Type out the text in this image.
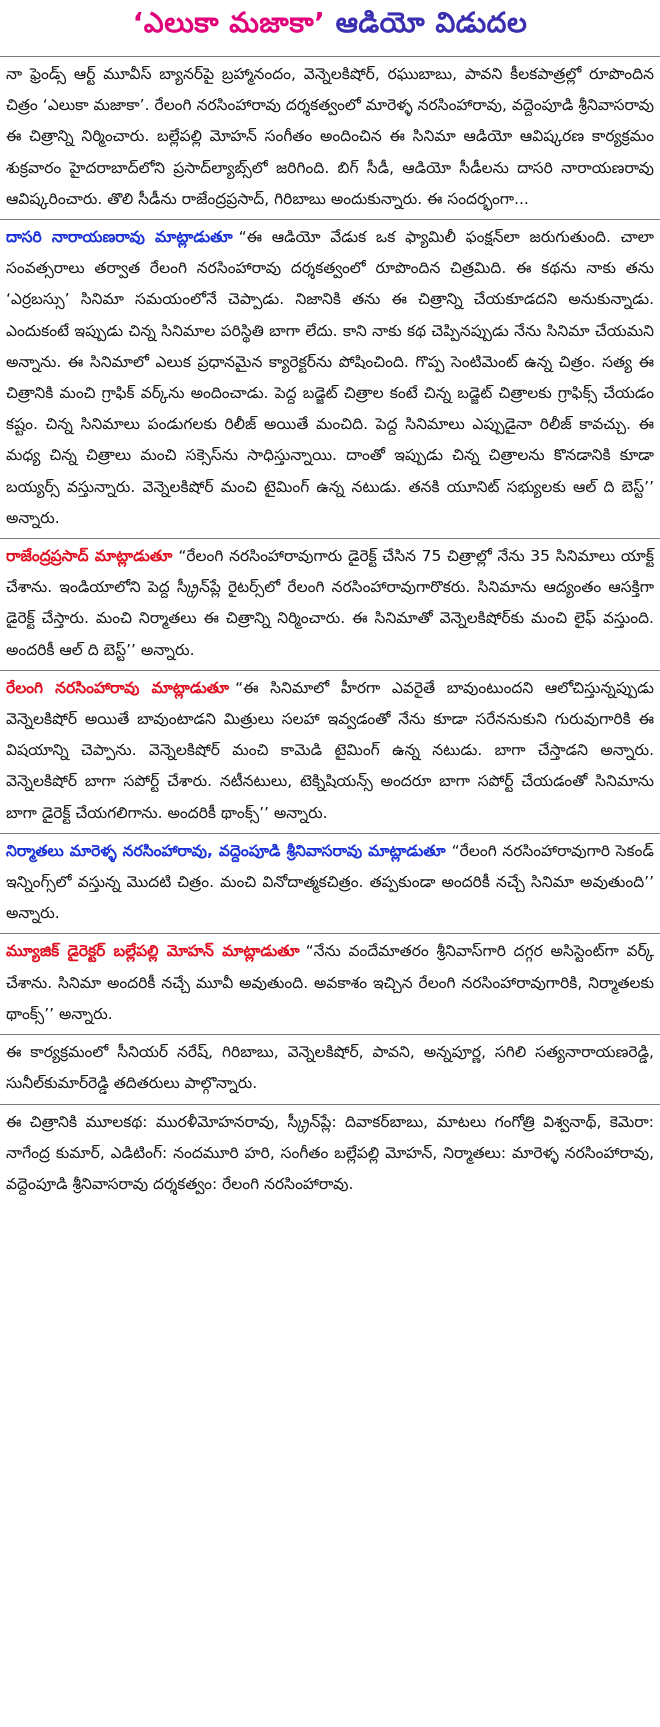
‘ఎలుకా మజాకా’ ఆడియో విడుదల
నా ఫ్రెండ్స్ ఆర్ట్ మూవీస్ బ్యానర్‌పై బ్రహ్మానందం, వెన్నెలకిషోర్, రఘుబాబు, పావని కీలకపాత్రల్లో రూపొందిన చిత్రం ‘ఎలుకా మజాకా’. రేలంగి నరసింహారావు దర్శకత్వంలో మారెళ్ళ నరసింహారావు, వద్దెంపూడి శ్రీనివాసరావు ఈ చిత్రాన్ని నిర్మించారు. బల్లేపల్లి మోహన్ సంగీతం అందించిన ఈ సినిమా ఆడియో ఆవిష్కరణ కార్యక్రమం శుక్రవారం హైదరాబాద్‌లోని ప్రసాద్‌ల్యాబ్స్‌లో జరిగింది. బిగ్ సీడీ, ఆడియో సీడీలను దాసరి నారాయణరావు ఆవిష్కరించారు. తొలి సీడీను రాజేంద్రప్రసాద్, గిరిబాబు అందుకున్నారు. ఈ సందర్భంగా...
దాసరి నారాయణరావు మాట్లాడుతూ “ఈ ఆడియో వేడుక ఒక ఫ్యామిలీ ఫంక్షన్‌లా జరుగుతుంది. చాలా సంవత్సరాలు తర్వాత రేలంగి నరసింహారావు దర్శకత్వంలో రూపొందిన చిత్రమిది. ఈ కథను నాకు తను ‘ఎర్రబస్సు’ సినిమా సమయంలోనే చెప్పాడు. నిజానికి తను ఈ చిత్రాన్ని చేయకూడదని అనుకున్నాడు. ఎందుకంటే ఇప్పుడు చిన్న సినిమాల పరిస్థితి బాగా లేదు. కాని నాకు కథ చెప్పినప్పుడు నేను సినిమా చేయమని అన్నాను. ఈ సినిమాలో ఎలుక ప్రధానమైన క్యారెక్టర్‌ను పోషించింది. గొప్ప సెంటిమెంట్ ఉన్న చిత్రం. సత్య ఈ చిత్రానికి మంచి గ్రాఫిక్ వర్క్‌ను అందించాడు. పెద్ద బడ్జెట్ చిత్రాల కంటే చిన్న బడ్జెట్ చిత్రాలకు గ్రాఫిక్స్ చేయడం కష్టం. చిన్న సినిమాలు పండుగలకు రిలీజ్ అయితే మంచిది. పెద్ద సినిమాలు ఎప్పుడైనా రిలీజ్ కావచ్చు. ఈ మధ్య చిన్న చిత్రాలు మంచి సక్సెస్‌ను సాధిస్తున్నాయి. దాంతో ఇప్పుడు చిన్న చిత్రాలను కొనడానికి కూడా బయ్యర్స్ వస్తున్నారు. వెన్నెలకిషోర్ మంచి టైమింగ్ ఉన్న నటుడు. తనకి యూనిట్ సభ్యులకు ఆల్ ది బెస్ట్’’ అన్నారు.
రాజేంద్రప్రసాద్ మాట్లాడుతూ “రేలంగి నరసింహారావుగారు డైరెక్ట్ చేసిన 75 చిత్రాల్లో నేను 35 సినిమాలు యాక్ట్ చేశాను. ఇండియాలోని పెద్ద స్క్రీన్‌ప్లే రైటర్స్‌లో రేలంగి నరసింహారావుగారొకరు. సినిమాను ఆద్యంతం ఆసక్తిగా డైరెక్ట్ చేస్తారు. మంచి నిర్మాతలు ఈ చిత్రాన్ని నిర్మించారు. ఈ సినిమాతో వెన్నెలకిషోర్‌కు మంచి లైఫ్ వస్తుంది. అందరికీ ఆల్ ది బెస్ట్’’ అన్నారు.
రేలంగి నరసింహారావు మాట్లాడుతూ “ఈ సినిమాలో హీరగా ఎవరైతే బావుంటుందని ఆలోచిస్తున్నప్పుడు వెన్నెలకిషోర్ అయితే బావుంటాడని మిత్రులు సలహా ఇవ్వడంతో నేను కూడా సరేననుకుని గురువుగారికి ఈ విషయాన్ని చెప్పాను. వెన్నెలకిషోర్ మంచి కామెడి టైమింగ్ ఉన్న నటుడు. బాగా చేస్తాడని అన్నారు. వెన్నెలకిషోర్ బాగా సపోర్ట్ చేశారు. నటీనటులు, టెక్నిషియన్స్ అందరూ బాగా సపోర్ట్ చేయడంతో సినిమాను బాగా డైరెక్ట్ చేయగలిగాను. అందరికీ థాంక్స్’’ అన్నారు.
నిర్మాతలు మారెళ్ళ నరసింహారావు, వద్దెంపూడి శ్రీనివాసరావు మాట్లాడుతూ “రేలంగి నరసింహారావుగారి సెకండ్ ఇన్నింగ్స్‌లో వస్తున్న మొదటి చిత్రం. మంచి వినోదాత్మకచిత్రం. తప్పకుండా అందరికీ నచ్చే సినిమా అవుతుంది’’ అన్నారు.
మ్యూజిక్ డైరెక్టర్ బల్లేపల్లి మోహన్ మాట్లాడుతూ “నేను వందేమాతరం శ్రీనివాస్‌గారి దగ్గర అసిస్టెంట్‌గా వర్క్ చేశాను. సినిమా అందరికీ నచ్చే మూవీ అవుతుంది. అవకాశం ఇచ్చిన రేలంగి నరసింహారావుగారికి, నిర్మాతలకు థాంక్స్’’ అన్నారు.
ఈ కార్యక్రమంలో సీనియర్ నరేష్, గిరిబాబు, వెన్నెలకిషోర్, పావని, అన్నపూర్ణ, సగిలి సత్యనారాయణరెడ్డి, సునీల్‌కుమార్‌రెడ్డి తదితరులు పాల్గొన్నారు.
ఈ చిత్రానికి మూలకథ: మురళీమోహనరావు, స్క్రీన్‌ప్లే: దివాకర్‌బాబు, మాటలు గంగోత్రి విశ్వనాథ్, కెమెరా: నాగేంద్ర కుమార్, ఎడిటింగ్: నందమూరి హరి, సంగీతం బల్లేపల్లి మోహన్, నిర్మాతలు: మారెళ్ళ నరసింహారావు, వద్దెంపూడి శ్రీనివాసరావు దర్శకత్వం: రేలంగి నరసింహారావు.
